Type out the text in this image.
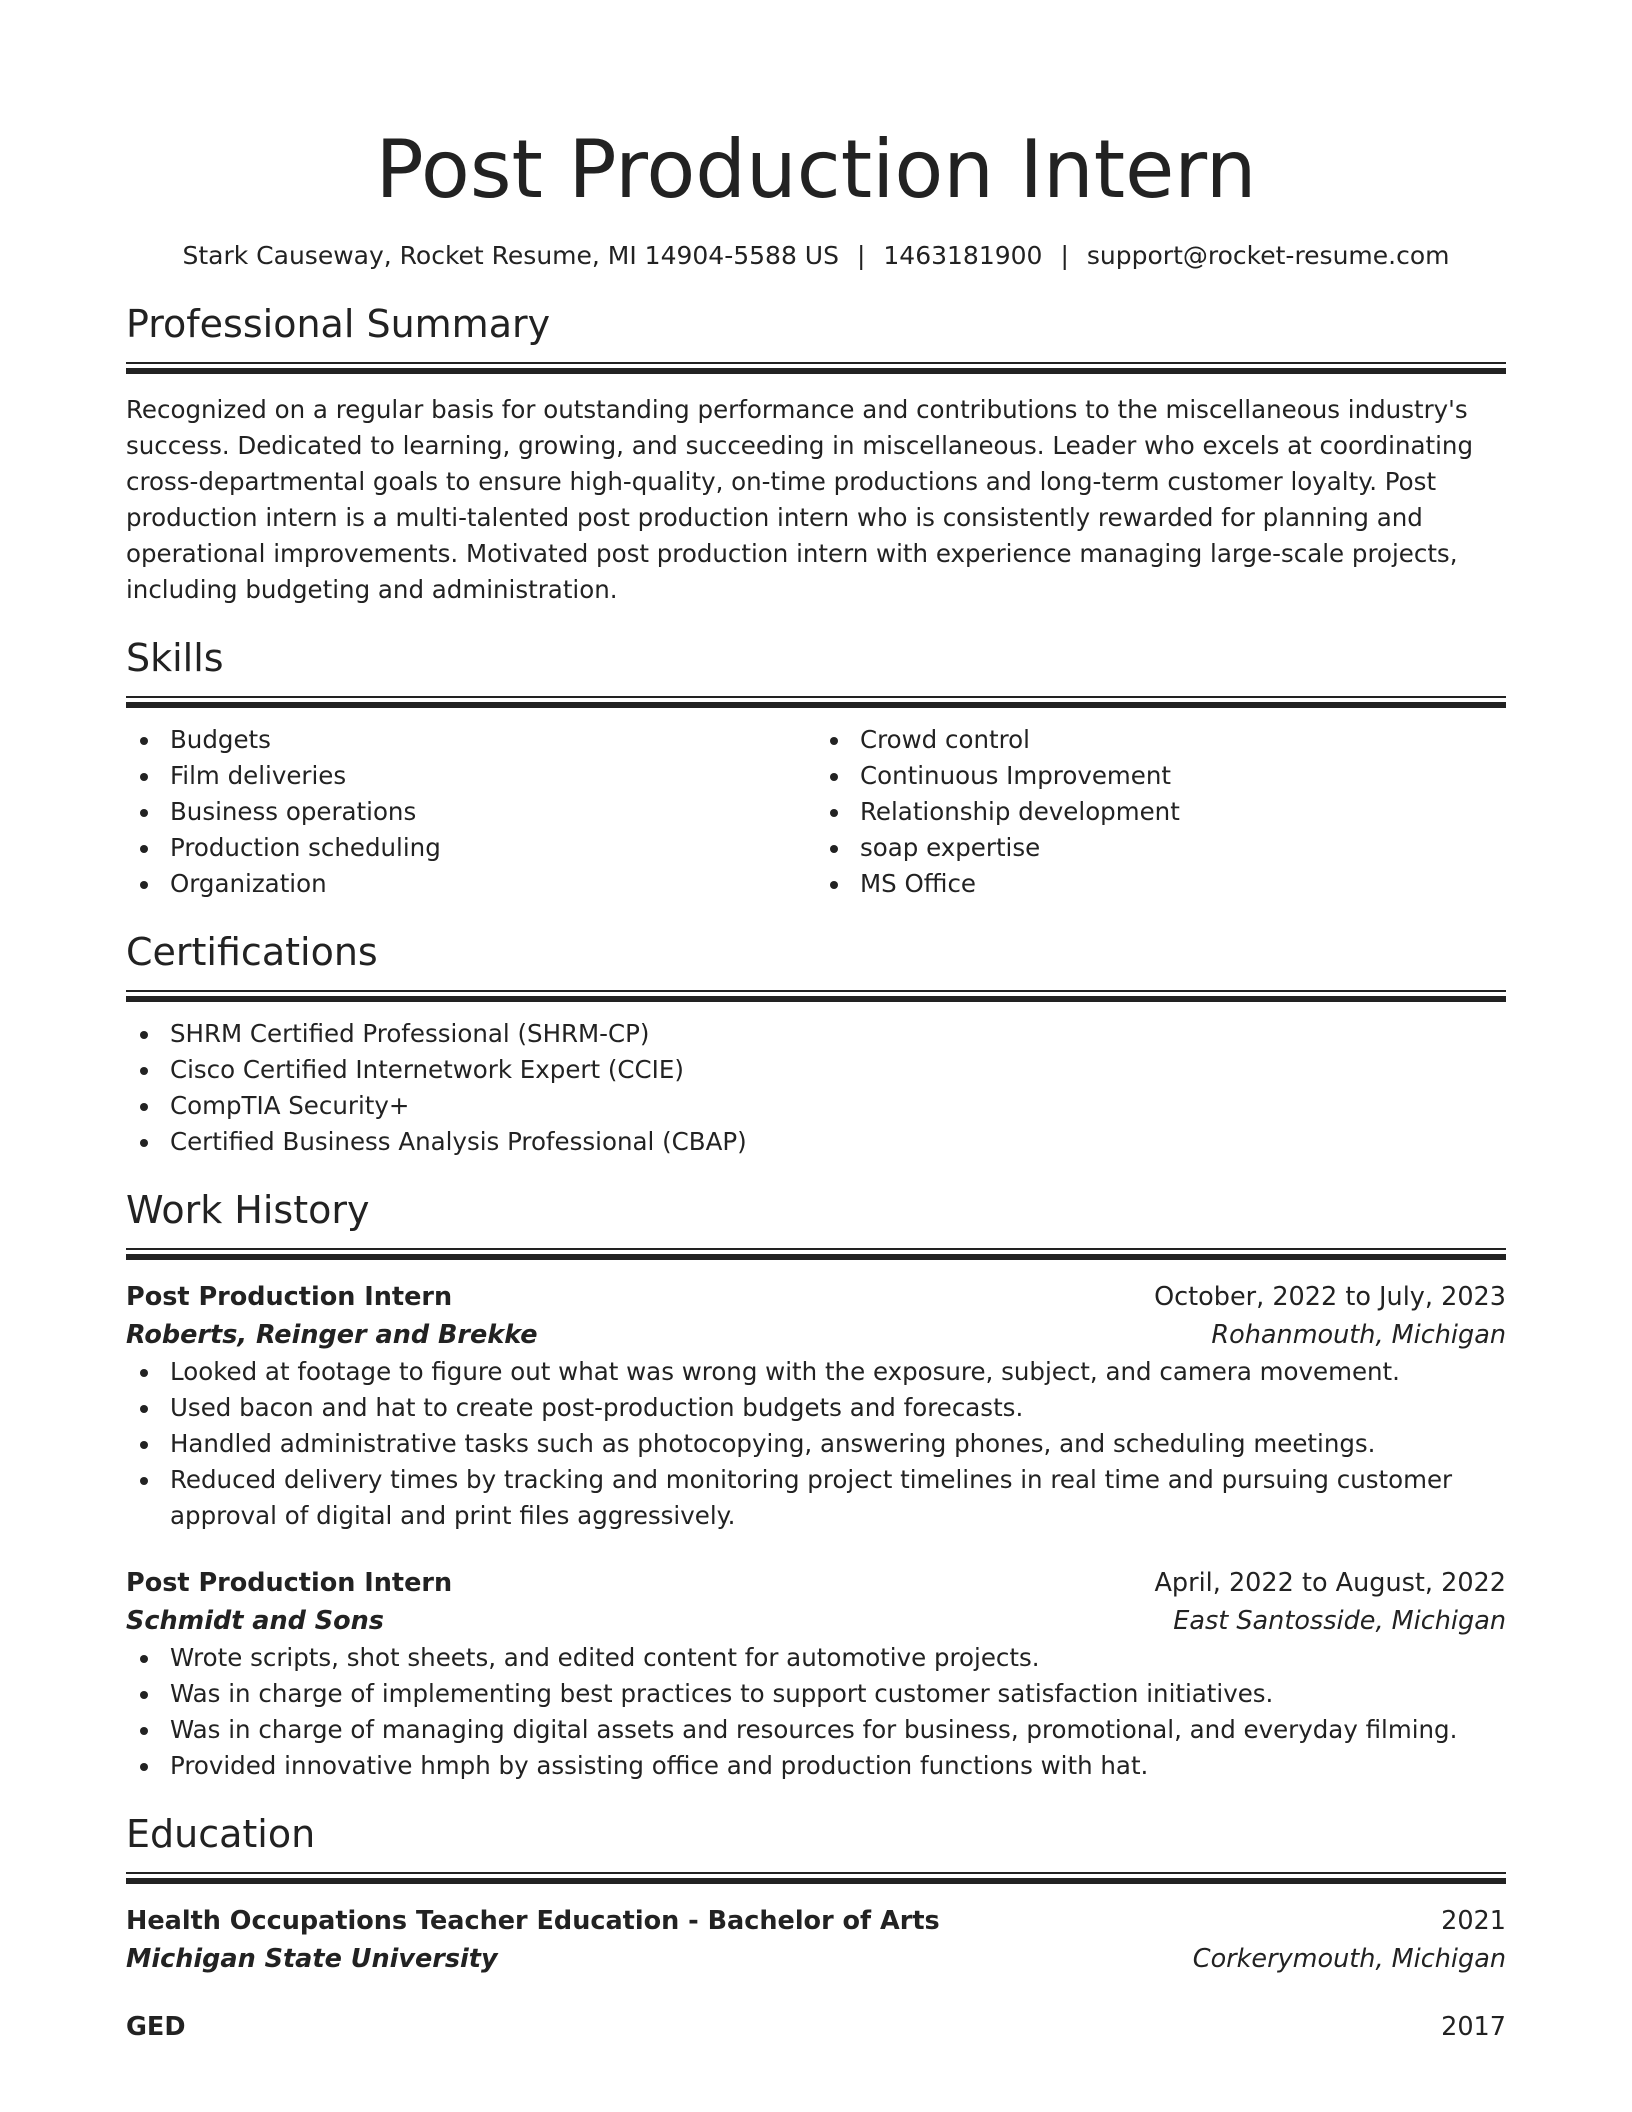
Post Production Intern
Stark Causeway, Rocket Resume, MI 14904-5588 US | 1463181900 | support@rocket-resume.com
Professional Summary
Recognized on a regular basis for outstanding performance and contributions to the miscellaneous industry's success. Dedicated to learning, growing, and succeeding in miscellaneous. Leader who excels at coordinating cross-departmental goals to ensure high-quality, on-time productions and long-term customer loyalty. Post production intern is a multi-talented post production intern who is consistently rewarded for planning and operational improvements. Motivated post production intern with experience managing large-scale projects, including budgeting and administration.
Skills
Budgets
Film deliveries
Business operations
Production scheduling
Organization
Crowd control
Continuous Improvement
Relationship development
soap expertise
MS Office
Certifications
SHRM Certified Professional (SHRM-CP)
Cisco Certified Internetwork Expert (CCIE)
CompTIA Security+
Certified Business Analysis Professional (CBAP)
Work History
Post Production Intern	October, 2022 to July, 2023
Roberts, Reinger and Brekke	Rohanmouth, Michigan
Looked at footage to figure out what was wrong with the exposure, subject, and camera movement.
Used bacon and hat to create post-production budgets and forecasts.
Handled administrative tasks such as photocopying, answering phones, and scheduling meetings.
Reduced delivery times by tracking and monitoring project timelines in real time and pursuing customer approval of digital and print files aggressively.
Post Production Intern	April, 2022 to August, 2022
Schmidt and Sons	East Santosside, Michigan
Wrote scripts, shot sheets, and edited content for automotive projects.
Was in charge of implementing best practices to support customer satisfaction initiatives.
Was in charge of managing digital assets and resources for business, promotional, and everyday filming.
Provided innovative hmph by assisting office and production functions with hat.
Education
Health Occupations Teacher Education - Bachelor of Arts	2021
Michigan State University	Corkerymouth, Michigan
GED	2017
